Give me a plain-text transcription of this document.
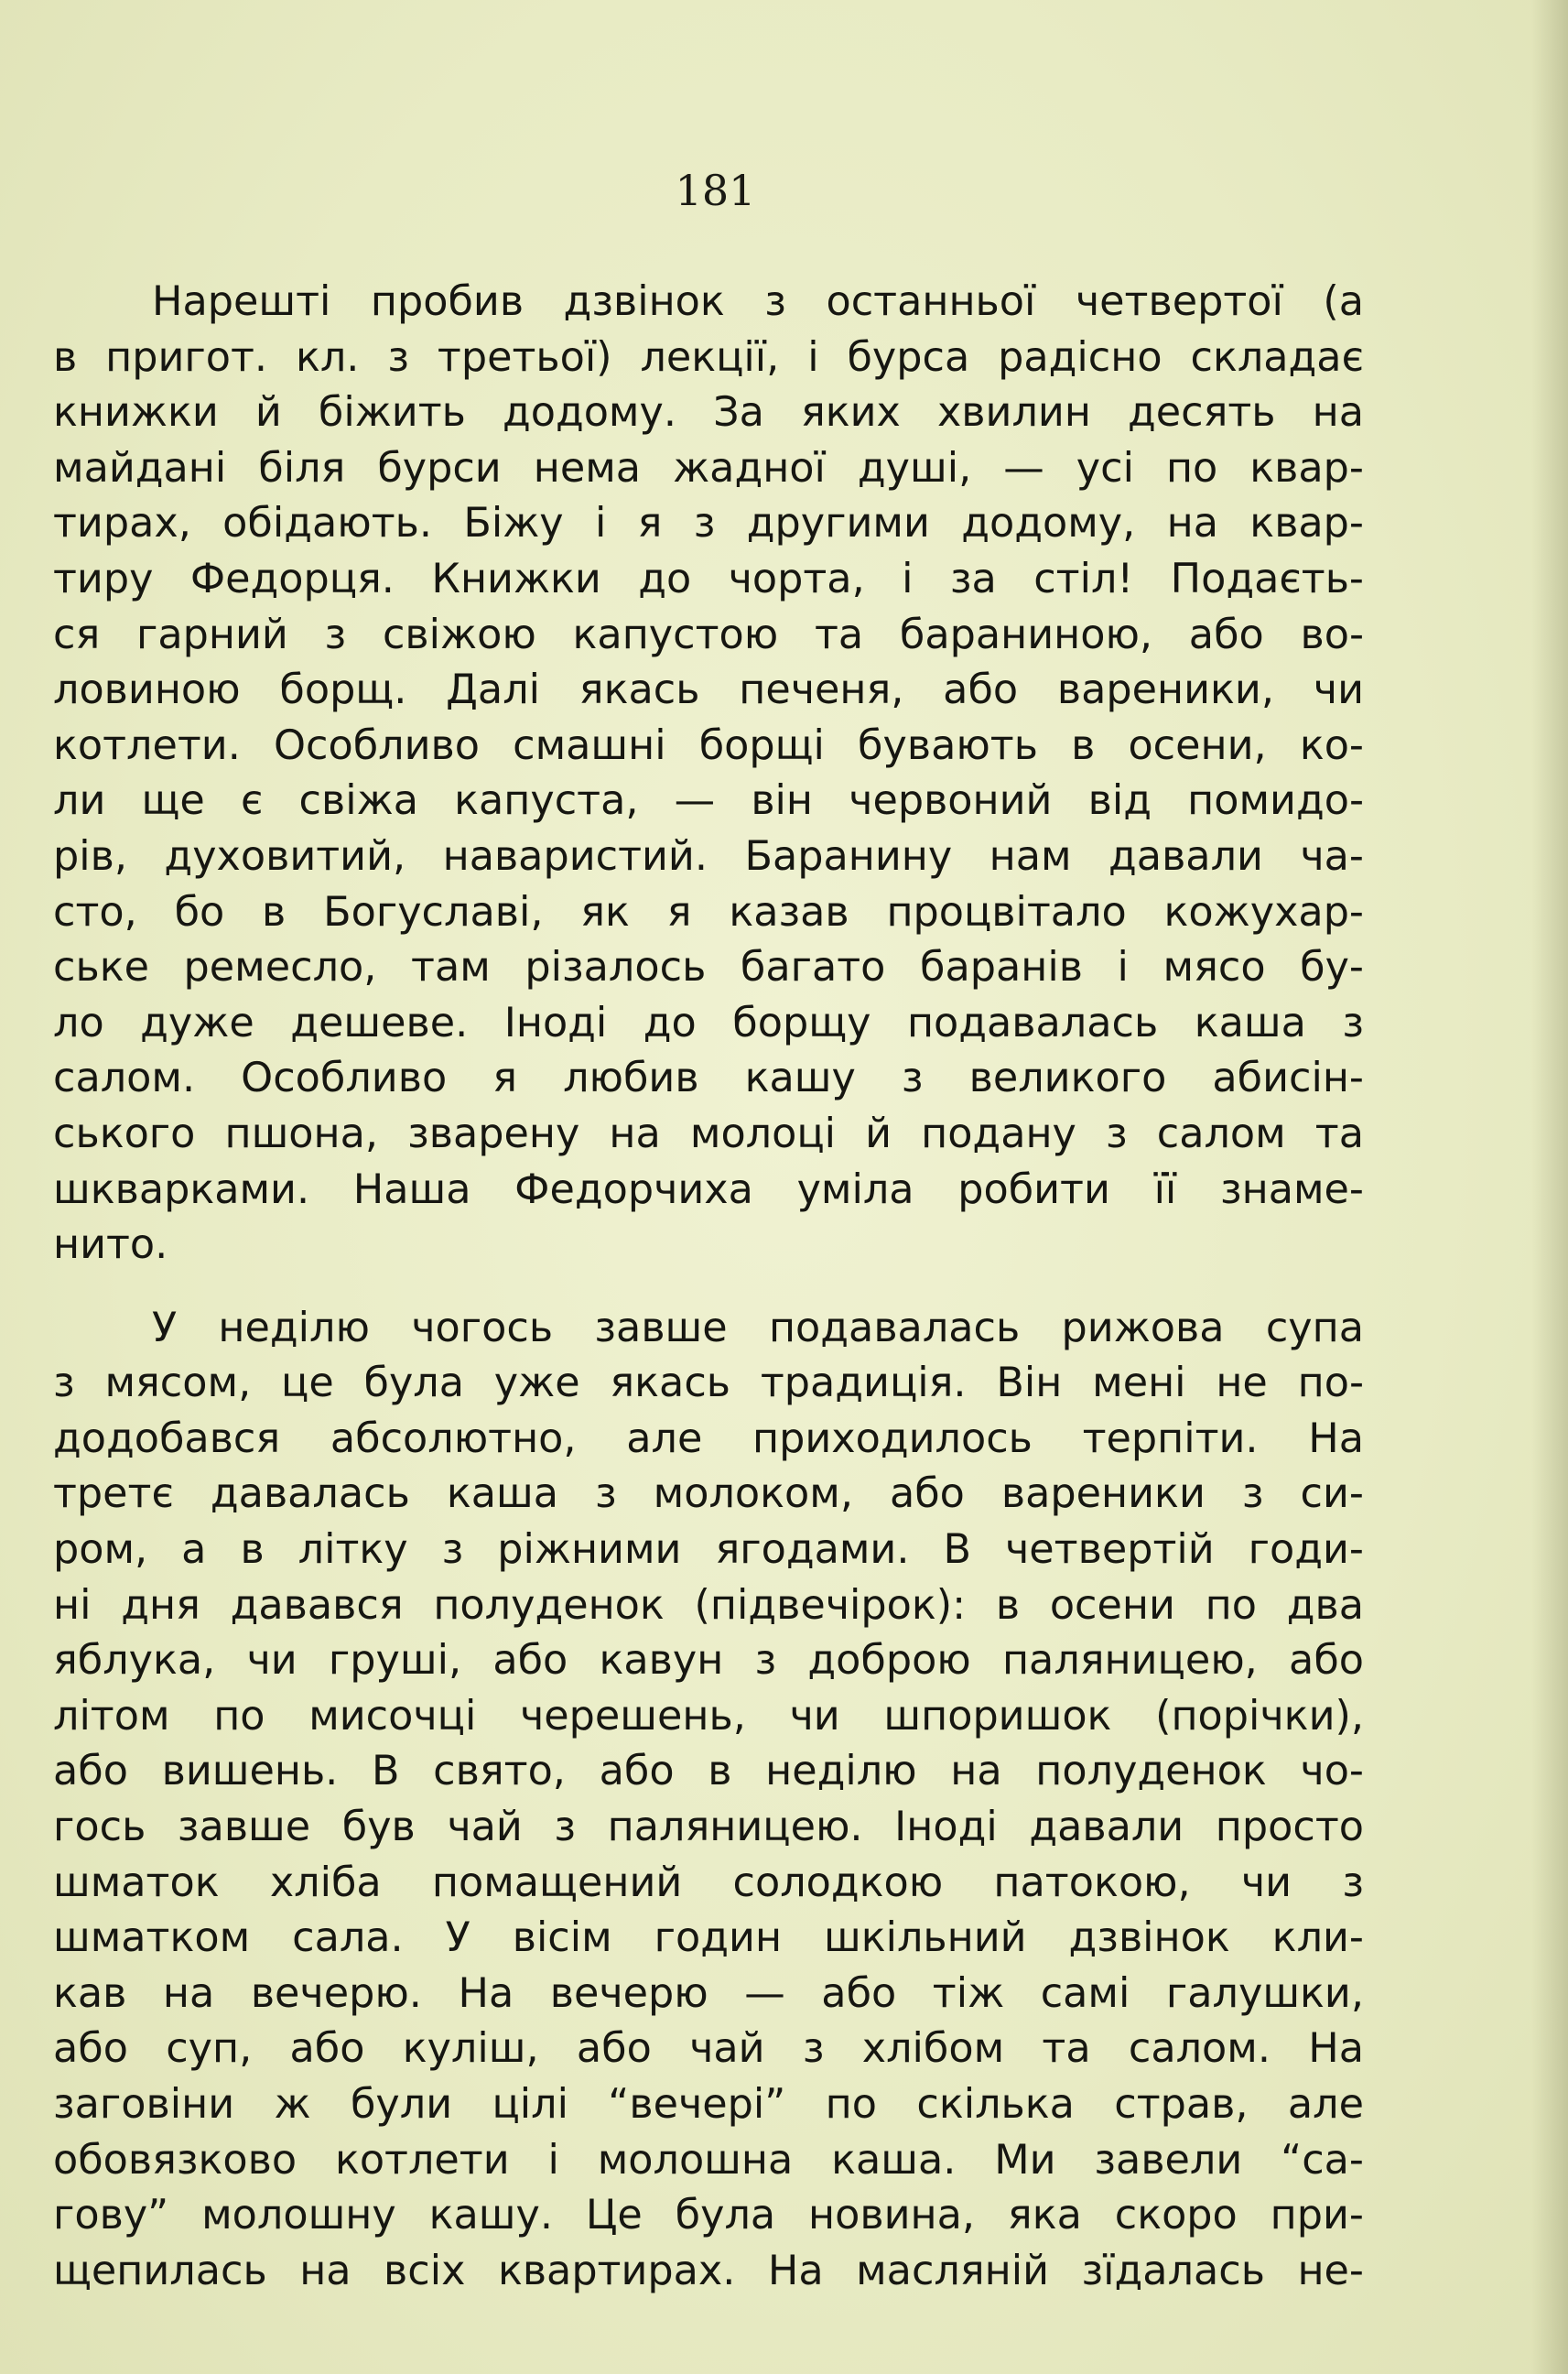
181
Нарешті пробив дзвінок з останньої четвертої (а
в пригот. кл. з третьої) лекції, і бурса радісно складає
книжки й біжить додому. За яких хвилин десять на
майдані біля бурси нема жадної душі, — усі по квар-
тирах, обідають. Біжу і я з другими додому, на квар-
тиру Федорця. Книжки до чорта, і за стіл! Подаєть-
ся гарний з свіжою капустою та бараниною, або во-
ловиною борщ. Далі якась печеня, або вареники, чи
котлети. Особливо смашні борщі бувають в осени, ко-
ли ще є свіжа капуста, — він червоний від помидо-
рів, духовитий, наваристий. Баранину нам давали ча-
сто, бо в Богуславі, як я казав процвітало кожухар-
ське ремесло, там різалось багато баранів і мясо бу-
ло дуже дешеве. Іноді до борщу подавалась каша з
салом. Особливо я любив кашу з великого абисін-
ського пшона, зварену на молоці й подану з салом та
шкварками. Наша Федорчиха уміла робити її знаме-
нито.
У неділю чогось завше подавалась рижова супа
з мясом, це була уже якась традиція. Він мені не по-
додобався абсолютно, але приходилось терпіти. На
третє давалась каша з молоком, або вареники з си-
ром, а в літку з ріжними ягодами. В четвертій годи-
ні дня давався полуденок (підвечірок): в осени по два
яблука, чи груші, або кавун з доброю паляницею, або
літом по мисочці черешень, чи шпоришок (порічки),
або вишень. В свято, або в неділю на полуденок чо-
гось завше був чай з паляницею. Іноді давали просто
шматок хліба помащений солодкою патокою, чи з
шматком сала. У вісім годин шкільний дзвінок кли-
кав на вечерю. На вечерю — або тіж самі галушки,
або суп, або куліш, або чай з хлібом та салом. На
заговіни ж були цілі “вечері” по скілька страв, але
обовязково котлети і молошна каша. Ми завели “са-
гову” молошну кашу. Це була новина, яка скоро при-
щепилась на всіх квартирах. На масляній зїдалась не-
